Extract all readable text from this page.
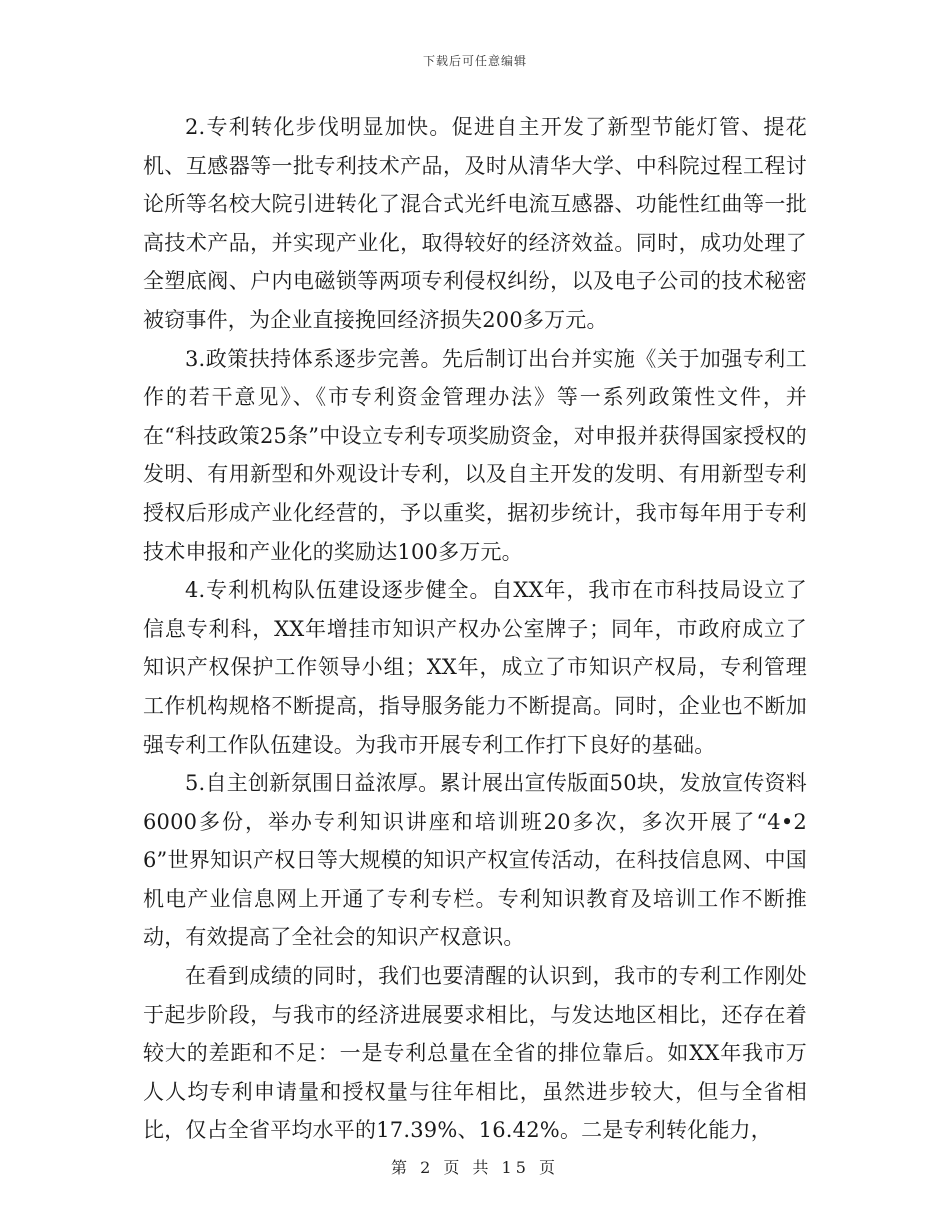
下载后可任意编辑

2.专利转化步伐明显加快。促进自主开发了新型节能灯管、提花机、互感器等一批专利技术产品，及时从清华大学、中科院过程工程讨论所等名校大院引进转化了混合式光纤电流互感器、功能性红曲等一批高技术产品，并实现产业化，取得较好的经济效益。同时，成功处理了全塑底阀、户内电磁锁等两项专利侵权纠纷，以及电子公司的技术秘密被窃事件，为企业直接挽回经济损失200多万元。

3.政策扶持体系逐步完善。先后制订出台并实施《关于加强专利工作的若干意见》、《市专利资金管理办法》等一系列政策性文件，并在“科技政策25条”中设立专利专项奖励资金，对申报并获得国家授权的发明、有用新型和外观设计专利，以及自主开发的发明、有用新型专利授权后形成产业化经营的，予以重奖，据初步统计，我市每年用于专利技术申报和产业化的奖励达100多万元。

4.专利机构队伍建设逐步健全。自XX年，我市在市科技局设立了信息专利科，XX年增挂市知识产权办公室牌子；同年，市政府成立了知识产权保护工作领导小组；XX年，成立了市知识产权局，专利管理工作机构规格不断提高，指导服务能力不断提高。同时，企业也不断加强专利工作队伍建设。为我市开展专利工作打下良好的基础。

5.自主创新氛围日益浓厚。累计展出宣传版面50块，发放宣传资料6000多份，举办专利知识讲座和培训班20多次，多次开展了“4•26”世界知识产权日等大规模的知识产权宣传活动，在科技信息网、中国机电产业信息网上开通了专利专栏。专利知识教育及培训工作不断推动，有效提高了全社会的知识产权意识。

在看到成绩的同时，我们也要清醒的认识到，我市的专利工作刚处于起步阶段，与我市的经济进展要求相比，与发达地区相比，还存在着较大的差距和不足：一是专利总量在全省的排位靠后。如XX年我市万人人均专利申请量和授权量与往年相比，虽然进步较大，但与全省相比，仅占全省平均水平的17.39%、16.42%。二是专利转化能力，

第 2 页 共 15 页
